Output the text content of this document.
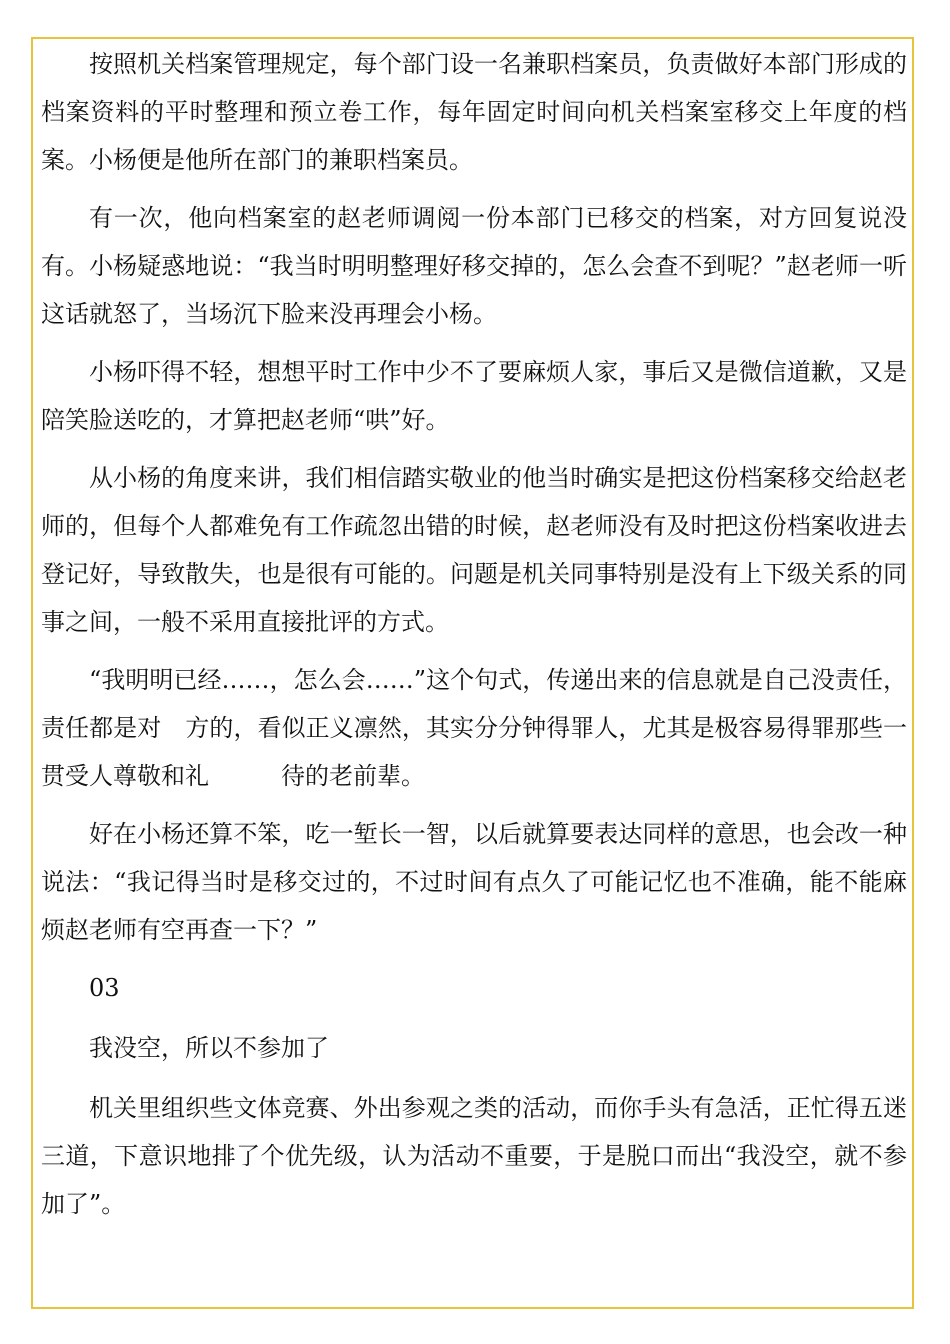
按照机关档案管理规定，每个部门设一名兼职档案员，负责做好本部门形成的档案资料的平时整理和预立卷工作，每年固定时间向机关档案室移交上年度的档案。小杨便是他所在部门的兼职档案员。

有一次，他向档案室的赵老师调阅一份本部门已移交的档案，对方回复说没有。小杨疑惑地说：“我当时明明整理好移交掉的，怎么会查不到呢？”赵老师一听这话就怒了，当场沉下脸来没再理会小杨。

小杨吓得不轻，想想平时工作中少不了要麻烦人家，事后又是微信道歉，又是陪笑脸送吃的，才算把赵老师“哄”好。

从小杨的角度来讲，我们相信踏实敬业的他当时确实是把这份档案移交给赵老师的，但每个人都难免有工作疏忽出错的时候，赵老师没有及时把这份档案收进去登记好，导致散失，也是很有可能的。问题是机关同事特别是没有上下级关系的同事之间，一般不采用直接批评的方式。

“我明明已经……，怎么会……”这个句式，传递出来的信息就是自己没责任，责任都是对　方的，看似正义凛然，其实分分钟得罪人，尤其是极容易得罪那些一贯受人尊敬和礼　　　待的老前辈。

好在小杨还算不笨，吃一堑长一智，以后就算要表达同样的意思，也会改一种说法：“我记得当时是移交过的，不过时间有点久了可能记忆也不准确，能不能麻烦赵老师有空再查一下？”

03

我没空，所以不参加了

机关里组织些文体竞赛、外出参观之类的活动，而你手头有急活，正忙得五迷三道，下意识地排了个优先级，认为活动不重要，于是脱口而出“我没空，就不参加了”。
